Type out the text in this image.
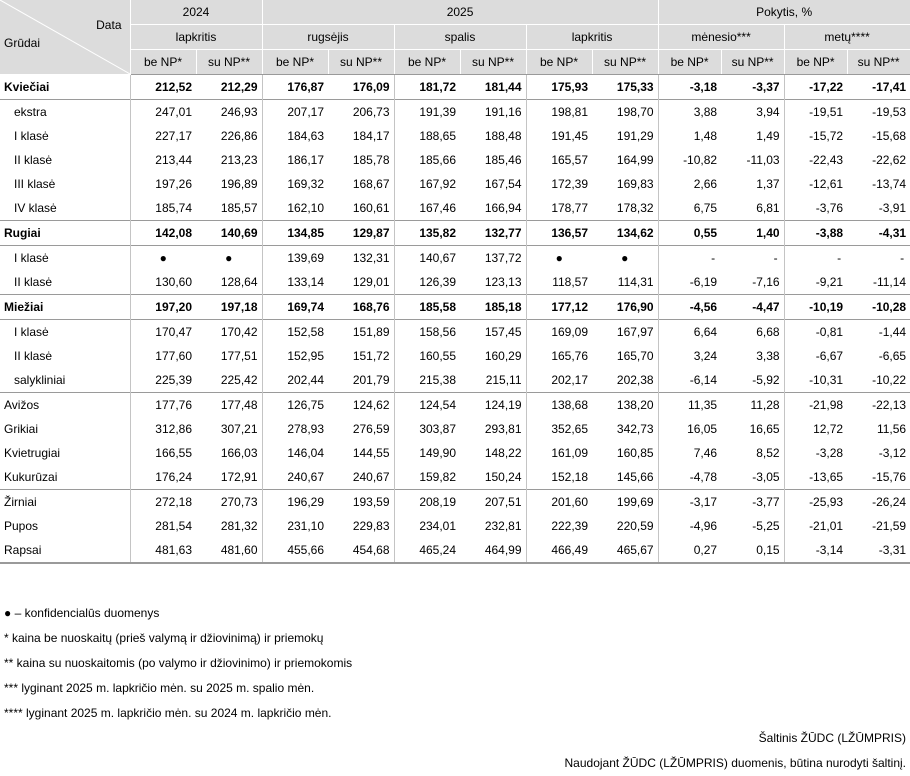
Data
Grūdai	2024		2025						Pokytis, %			
	lapkritis		rugsėjis		spalis		lapkritis		mėnesio***		metų****	
	be NP*	su NP**	be NP*	su NP**	be NP*	su NP**	be NP*	su NP**	be NP*	su NP**	be NP*	su NP**
Kviečiai	212,52	212,29	176,87	176,09	181,72	181,44	175,93	175,33	-3,18	-3,37	-17,22	-17,41
ekstra	247,01	246,93	207,17	206,73	191,39	191,16	198,81	198,70	3,88	3,94	-19,51	-19,53
I klasė	227,17	226,86	184,63	184,17	188,65	188,48	191,45	191,29	1,48	1,49	-15,72	-15,68
II klasė	213,44	213,23	186,17	185,78	185,66	185,46	165,57	164,99	-10,82	-11,03	-22,43	-22,62
III klasė	197,26	196,89	169,32	168,67	167,92	167,54	172,39	169,83	2,66	1,37	-12,61	-13,74
IV klasė	185,74	185,57	162,10	160,61	167,46	166,94	178,77	178,32	6,75	6,81	-3,76	-3,91
Rugiai	142,08	140,69	134,85	129,87	135,82	132,77	136,57	134,62	0,55	1,40	-3,88	-4,31
I klasė	●	●	139,69	132,31	140,67	137,72	●	●	-	-	-	-
II klasė	130,60	128,64	133,14	129,01	126,39	123,13	118,57	114,31	-6,19	-7,16	-9,21	-11,14
Miežiai	197,20	197,18	169,74	168,76	185,58	185,18	177,12	176,90	-4,56	-4,47	-10,19	-10,28
I klasė	170,47	170,42	152,58	151,89	158,56	157,45	169,09	167,97	6,64	6,68	-0,81	-1,44
II klasė	177,60	177,51	152,95	151,72	160,55	160,29	165,76	165,70	3,24	3,38	-6,67	-6,65
salykliniai	225,39	225,42	202,44	201,79	215,38	215,11	202,17	202,38	-6,14	-5,92	-10,31	-10,22
Avižos	177,76	177,48	126,75	124,62	124,54	124,19	138,68	138,20	11,35	11,28	-21,98	-22,13
Grikiai	312,86	307,21	278,93	276,59	303,87	293,81	352,65	342,73	16,05	16,65	12,72	11,56
Kvietrugiai	166,55	166,03	146,04	144,55	149,90	148,22	161,09	160,85	7,46	8,52	-3,28	-3,12
Kukurūzai	176,24	172,91	240,67	240,67	159,82	150,24	152,18	145,66	-4,78	-3,05	-13,65	-15,76
Žirniai	272,18	270,73	196,29	193,59	208,19	207,51	201,60	199,69	-3,17	-3,77	-25,93	-26,24
Pupos	281,54	281,32	231,10	229,83	234,01	232,81	222,39	220,59	-4,96	-5,25	-21,01	-21,59
Rapsai	481,63	481,60	455,66	454,68	465,24	464,99	466,49	465,67	0,27	0,15	-3,14	-3,31
● – konfidencialūs duomenys
* kaina be nuoskaitų (prieš valymą ir džiovinimą) ir priemokų
** kaina su nuoskaitomis (po valymo ir džiovinimo) ir priemokomis
*** lyginant 2025 m. lapkričio mėn. su 2025 m. spalio mėn.
**** lyginant 2025 m. lapkričio mėn. su 2024 m. lapkričio mėn.
Šaltinis ŽŪDC (LŽŪMPRIS)
Naudojant ŽŪDC (LŽŪMPRIS) duomenis, būtina nurodyti šaltinį.
